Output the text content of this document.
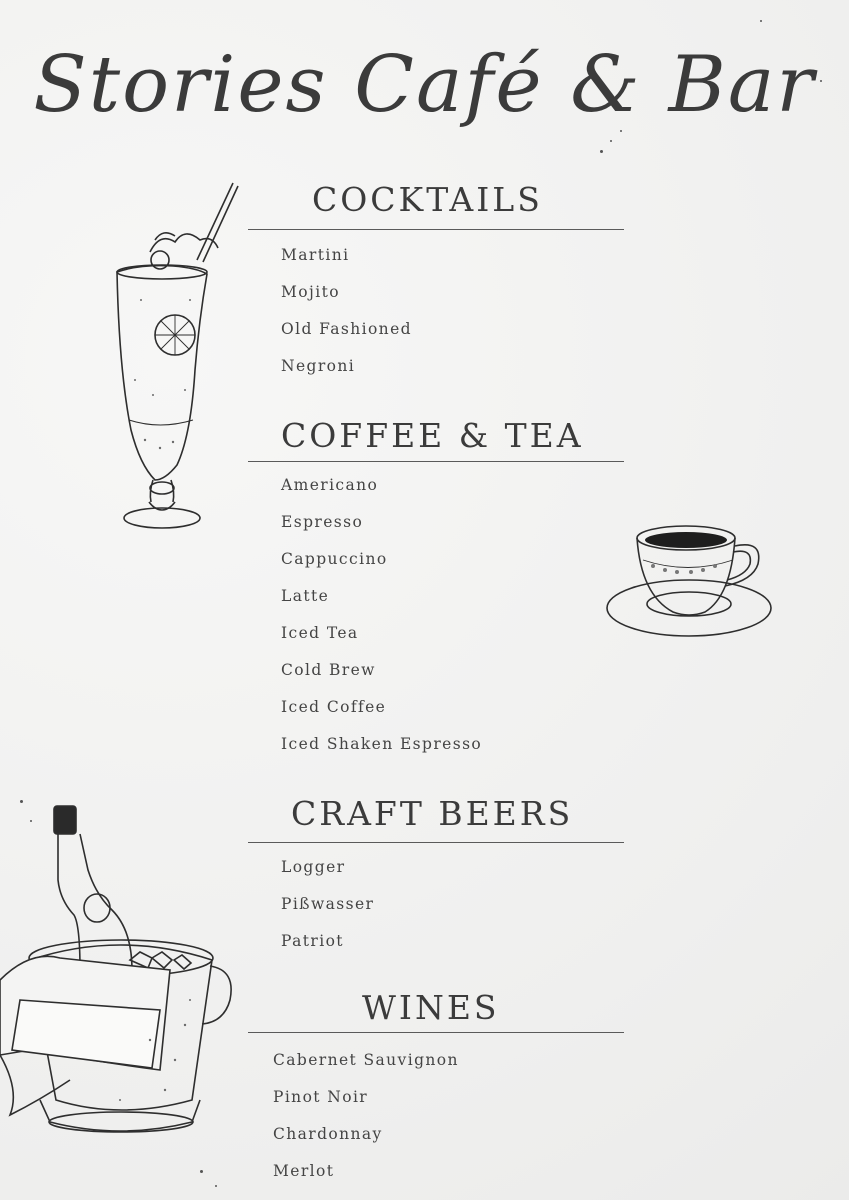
Stories Café & Bar
COCKTAILS
Martini
Mojito
Old Fashioned
Negroni
COFFEE & TEA
Americano
Espresso
Cappuccino
Latte
Iced Tea
Cold Brew
Iced Coffee
Iced Shaken Espresso
CRAFT BEERS
Logger
Pißwasser
Patriot
WINES
Cabernet Sauvignon
Pinot Noir
Chardonnay
Merlot
